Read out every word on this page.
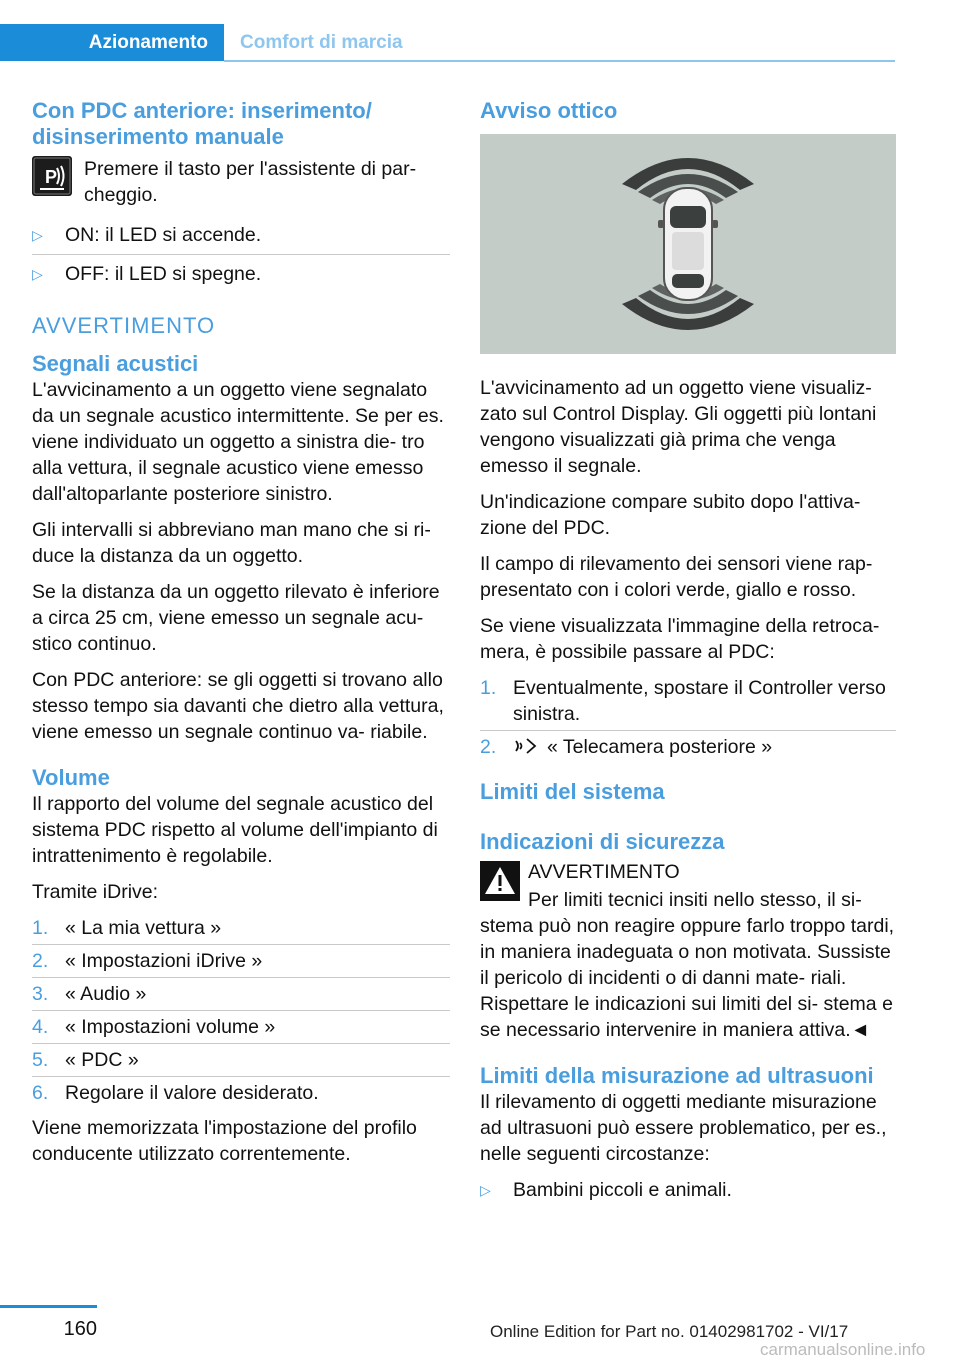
Azionamento	Comfort di marcia
Con PDC anteriore: inserimento/ disinserimento manuale
P Premere il tasto per l'assistente di par‐ cheggio.

▷ ON: il LED si accende.
▷ OFF: il LED si spegne.
AVVERTIMENTO
Segnali acustici

L'avvicinamento a un oggetto viene segnalato da un segnale acustico intermittente. Se per es. viene individuato un oggetto a sinistra die‐ tro alla vettura, il segnale acustico viene emesso dall'altoparlante posteriore sinistro.

Gli intervalli si abbreviano man mano che si ri‐ duce la distanza da un oggetto.

Se la distanza da un oggetto rilevato è inferiore a circa 25 cm, viene emesso un segnale acu‐ stico continuo.

Con PDC anteriore: se gli oggetti si trovano allo stesso tempo sia davanti che dietro alla vettura, viene emesso un segnale continuo va‐ riabile.

Volume

Il rapporto del volume del segnale acustico del sistema PDC rispetto al volume dell'impianto di intrattenimento è regolabile.

Tramite iDrive:

1. « La mia vettura »
2. « Impostazioni iDrive »
3. « Audio »
4. « Impostazioni volume »
5. « PDC »
6. Regolare il valore desiderato.

Viene memorizzata l'impostazione del profilo conducente utilizzato correntemente.

Avviso ottico

L'avvicinamento ad un oggetto viene visualiz‐ zato sul Control Display. Gli oggetti più lontani vengono visualizzati già prima che venga emesso il segnale.

Un'indicazione compare subito dopo l'attiva‐ zione del PDC.

Il campo di rilevamento dei sensori viene rap‐ presentato con i colori verde, giallo e rosso.

Se viene visualizzata l'immagine della retroca‐ mera, è possibile passare al PDC:

1. Eventualmente, spostare il Controller verso sinistra.
2.	« Telecamera posteriore »
Limiti del sistema
Indicazioni di sicurezza
AVVERTIMENTO

Per limiti tecnici insiti nello stesso, il si‐ stema può non reagire oppure farlo troppo tardi, in maniera inadeguata o non motivata. Sussiste il pericolo di incidenti o di danni mate‐ riali. Rispettare le indicazioni sui limiti del si‐ stema e se necessario intervenire in maniera attiva.◄

Limiti della misurazione ad ultrasuoni

Il rilevamento di oggetti mediante misurazione ad ultrasuoni può essere problematico, per es., nelle seguenti circostanze:

▷ Bambini piccoli e animali.
160	Online Edition for Part no. 01402981702 - VI/17
carmanualsonline.info
